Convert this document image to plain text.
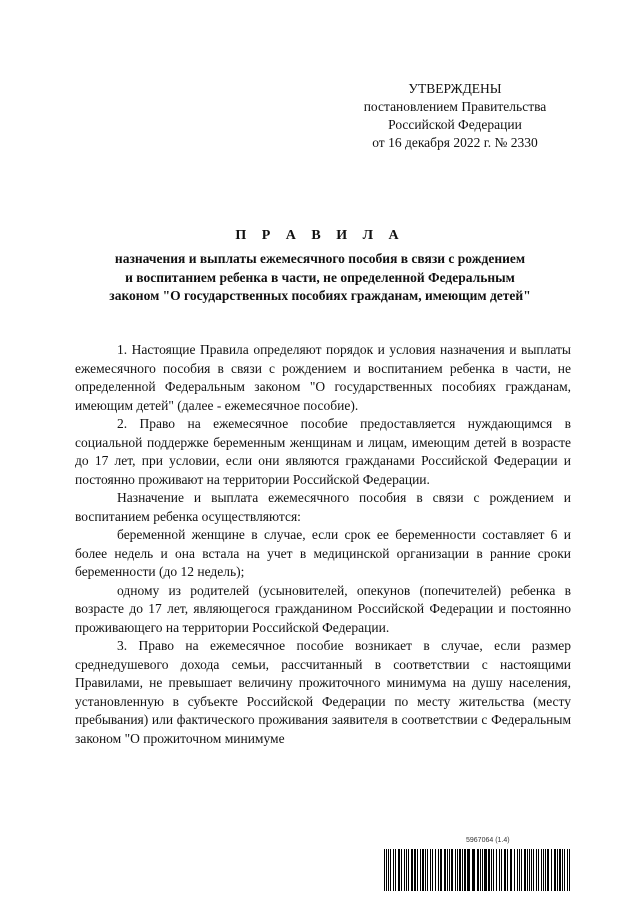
УТВЕРЖДЕНЫ
постановлением Правительства
Российской Федерации
от 16 декабря 2022 г. № 2330
П Р А В И Л А
назначения и выплаты ежемесячного пособия в связи с рождением
и воспитанием ребенка в части, не определенной Федеральным
законом "О государственных пособиях гражданам, имеющим детей"

1. Настоящие Правила определяют порядок и условия назначения и выплаты ежемесячного пособия в связи с рождением и воспитанием ребенка в части, не определенной Федеральным законом "О государственных пособиях гражданам, имеющим детей" (далее - ежемесячное пособие).

2. Право на ежемесячное пособие предоставляется нуждающимся в социальной поддержке беременным женщинам и лицам, имеющим детей в возрасте до 17 лет, при условии, если они являются гражданами Российской Федерации и постоянно проживают на территории Российской Федерации.

Назначение и выплата ежемесячного пособия в связи с рождением и воспитанием ребенка осуществляются:

беременной женщине в случае, если срок ее беременности составляет 6 и более недель и она встала на учет в медицинской организации в ранние сроки беременности (до 12 недель);

одному из родителей (усыновителей, опекунов (попечителей) ребенка в возрасте до 17 лет, являющегося гражданином Российской Федерации и постоянно проживающего на территории Российской Федерации.

3. Право на ежемесячное пособие возникает в случае, если размер среднедушевого дохода семьи, рассчитанный в соответствии с настоящими Правилами, не превышает величину прожиточного минимума на душу населения, установленную в субъекте Российской Федерации по месту жительства (месту пребывания) или фактического проживания заявителя в соответствии с Федеральным законом "О прожиточном минимуме

5967064 (1.4)
